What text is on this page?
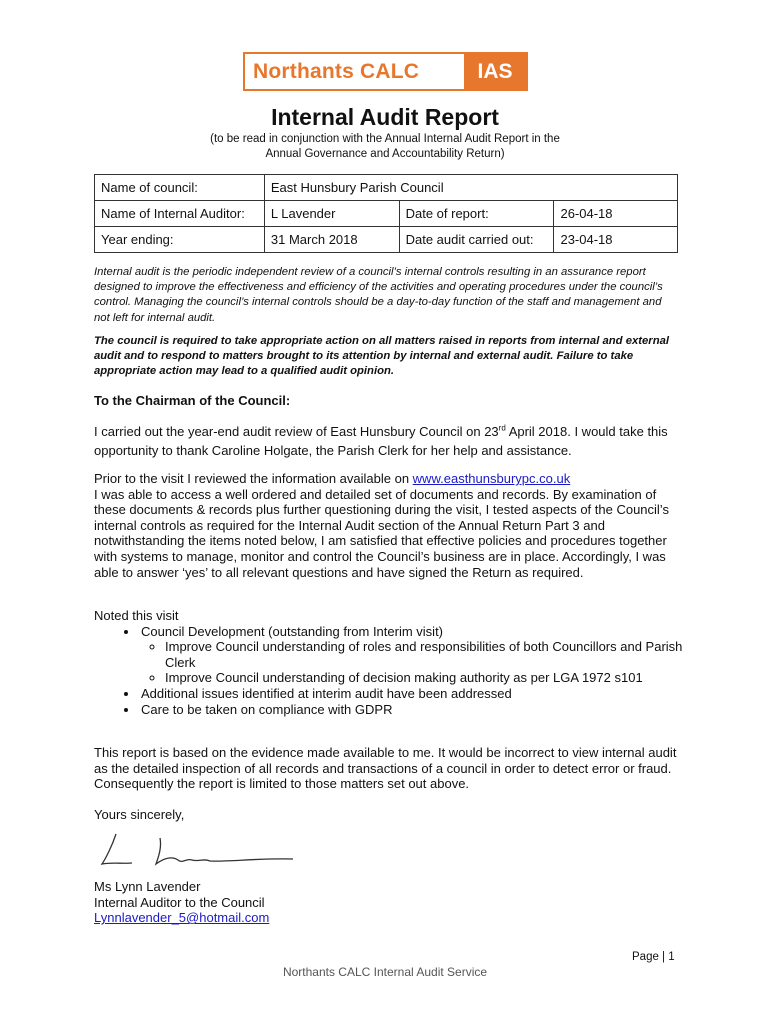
Northants CALC	IAS
Internal Audit Report
(to be read in conjunction with the Annual Internal Audit Report in the
Annual Governance and Accountability Return)
Name of council:	East Hunsbury Parish Council		
Name of Internal Auditor:	L Lavender	Date of report:	26-04-18
Year ending:	31 March 2018	Date audit carried out:	23-04-18
Internal audit is the periodic independent review of a council’s internal controls resulting in an assurance report designed to improve the effectiveness and efficiency of the activities and operating procedures under the council’s control. Managing the council’s internal controls should be a day-to-day function of the staff and management and not left for internal audit.
The council is required to take appropriate action on all matters raised in reports from internal and external audit and to respond to matters brought to its attention by internal and external audit. Failure to take appropriate action may lead to a qualified audit opinion.
To the Chairman of the Council:
I carried out the year-end audit review of East Hunsbury Council on 23rd April 2018. I would take this opportunity to thank Caroline Holgate, the Parish Clerk for her help and assistance.
Prior to the visit I reviewed the information available on www.easthunsburypc.co.uk
I was able to access a well ordered and detailed set of documents and records. By examination of these documents & records plus further questioning during the visit, I tested aspects of the Council’s internal controls as required for the Internal Audit section of the Annual Return Part 3 and notwithstanding the items noted below, I am satisfied that effective policies and procedures together with systems to manage, monitor and control the Council’s business are in place. Accordingly, I was able to answer ‘yes’ to all relevant questions and have signed the Return as required.
Noted this visit
• Council Development (outstanding from Interim visit)
◦ Improve Council understanding of roles and responsibilities of both Councillors and Parish Clerk
◦ Improve Council understanding of decision making authority as per LGA 1972 s101
• Additional issues identified at interim audit have been addressed
• Care to be taken on compliance with GDPR
This report is based on the evidence made available to me. It would be incorrect to view internal audit as the detailed inspection of all records and transactions of a council in order to detect error or fraud. Consequently the report is limited to those matters set out above.
Yours sincerely,
Ms Lynn Lavender
Internal Auditor to the Council
Lynnlavender_5@hotmail.com
Page | 1
Northants CALC Internal Audit Service
